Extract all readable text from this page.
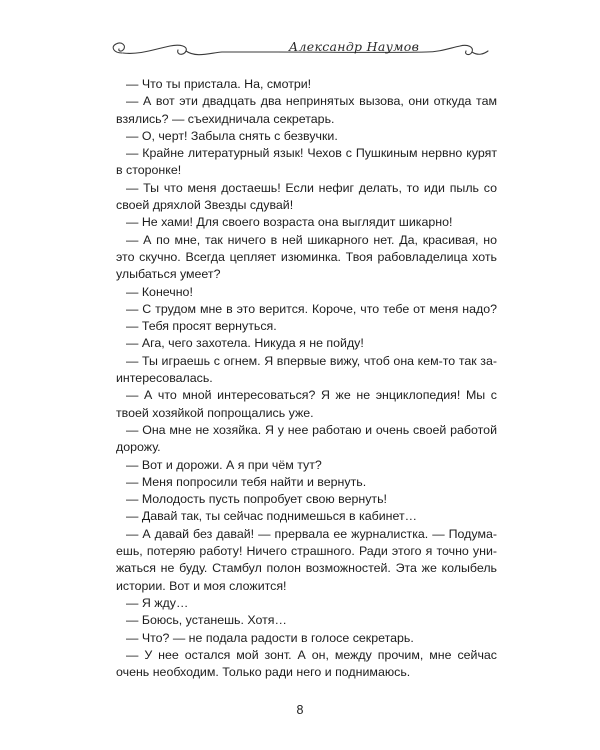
Александр Наумов
— Что ты пристала. На, смотри!
— А вот эти двадцать два непринятых вызова, они откуда там
взялись? — съехидничала секретарь.
— О, черт! Забыла снять с безвучки.
— Крайне литературный язык! Чехов с Пушкиным нервно курят
в сторонке!
— Ты что меня достаешь! Если нефиг делать, то иди пыль со
своей дряхлой Звезды сдувай!
— Не хами! Для своего возраста она выглядит шикарно!
— А по мне, так ничего в ней шикарного нет. Да, красивая, но
это скучно. Всегда цепляет изюминка. Твоя рабовладелица хоть
улыбаться умеет?
— Конечно!
— С трудом мне в это верится. Короче, что тебе от меня надо?
— Тебя просят вернуться.
— Ага, чего захотела. Никуда я не пойду!
— Ты играешь с огнем. Я впервые вижу, чтоб она кем-то так за-
интересовалась.
— А что мной интересоваться? Я же не энциклопедия! Мы с
твоей хозяйкой попрощались уже.
— Она мне не хозяйка. Я у нее работаю и очень своей работой
дорожу.
— Вот и дорожи. А я при чём тут?
— Меня попросили тебя найти и вернуть.
— Молодость пусть попробует свою вернуть!
— Давай так, ты сейчас поднимешься в кабинет…
— А давай без давай! — прервала ее журналистка. — Подума-
ешь, потеряю работу! Ничего страшного. Ради этого я точно уни-
жаться не буду. Стамбул полон возможностей. Эта же колыбель
истории. Вот и моя сложится!
— Я жду…
— Боюсь, устанешь. Хотя…
— Что? — не подала радости в голосе секретарь.
— У нее остался мой зонт. А он, между прочим, мне сейчас
очень необходим. Только ради него и поднимаюсь.
8
